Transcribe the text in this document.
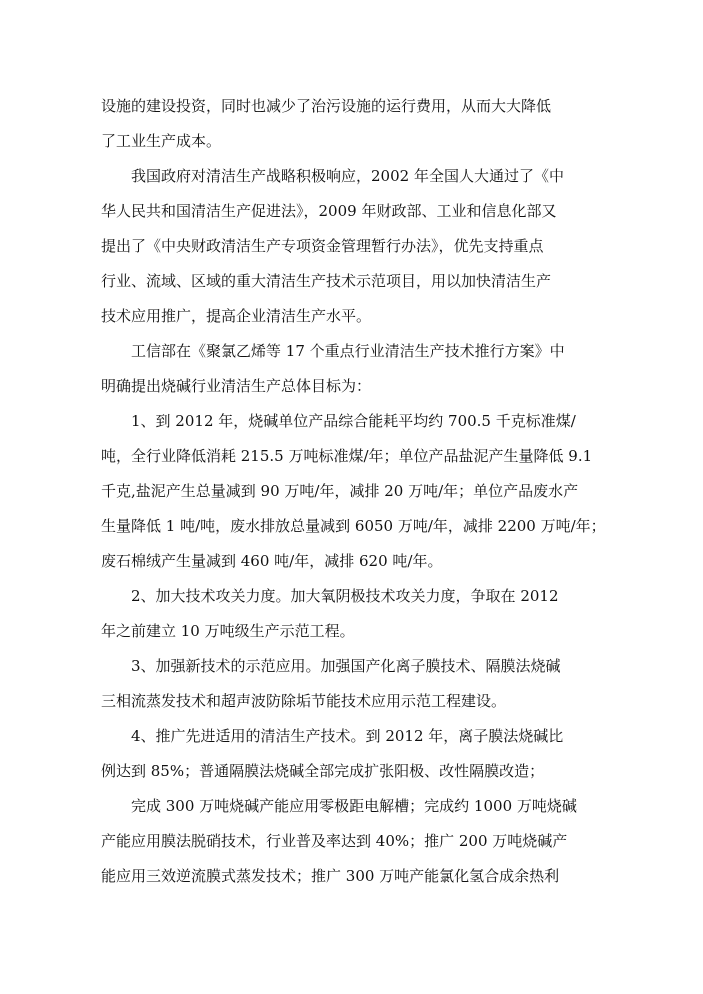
设施的建设投资，同时也减少了治污设施的运行费用，从而大大降低
了工业生产成本。
我国政府对清洁生产战略积极响应，2002 年全国人大通过了《中
华人民共和国清洁生产促进法》，2009 年财政部、工业和信息化部又
提出了《中央财政清洁生产专项资金管理暂行办法》，优先支持重点
行业、流域、区域的重大清洁生产技术示范项目，用以加快清洁生产
技术应用推广，提高企业清洁生产水平。
工信部在《聚氯乙烯等 17 个重点行业清洁生产技术推行方案》中
明确提出烧碱行业清洁生产总体目标为：
1、到 2012 年，烧碱单位产品综合能耗平均约 700.5 千克标准煤/
吨，全行业降低消耗 215.5 万吨标准煤/年；单位产品盐泥产生量降低 9.1
千克,盐泥产生总量减到 90 万吨/年，减排 20 万吨/年；单位产品废水产
生量降低 1 吨/吨，废水排放总量减到 6050 万吨/年，减排 2200 万吨/年；
废石棉绒产生量减到 460 吨/年，减排 620 吨/年。
2、加大技术攻关力度。加大氧阴极技术攻关力度，争取在 2012
年之前建立 10 万吨级生产示范工程。
3、加强新技术的示范应用。加强国产化离子膜技术、隔膜法烧碱
三相流蒸发技术和超声波防除垢节能技术应用示范工程建设。
4、推广先进适用的清洁生产技术。到 2012 年，离子膜法烧碱比
例达到 85%；普通隔膜法烧碱全部完成扩张阳极、改性隔膜改造；
完成 300 万吨烧碱产能应用零极距电解槽；完成约 1000 万吨烧碱
产能应用膜法脱硝技术，行业普及率达到 40%；推广 200 万吨烧碱产
能应用三效逆流膜式蒸发技术；推广 300 万吨产能氯化氢合成余热利
